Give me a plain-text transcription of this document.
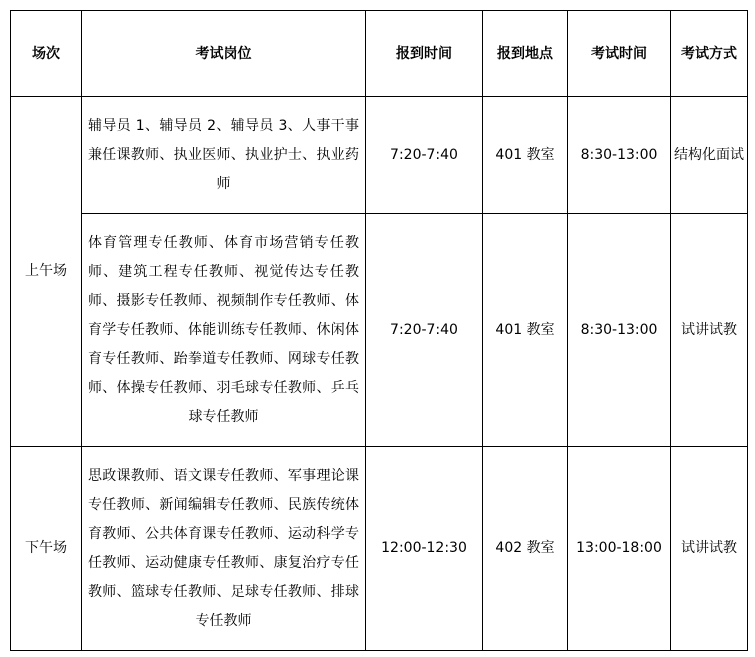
场次	考试岗位	报到时间	报到地点	考试时间	考试方式
上午场	辅导员 1、辅导员 2、辅导员 3、人事干事兼任课教师、执业医师、执业护士、执业药师	7:20-7:40	401 教室	8:30-13:00	结构化面试
	体育管理专任教师、体育市场营销专任教师、建筑工程专任教师、视觉传达专任教师、摄影专任教师、视频制作专任教师、体育学专任教师、体能训练专任教师、休闲体育专任教师、跆拳道专任教师、网球专任教师、体操专任教师、羽毛球专任教师、乒乓球专任教师	7:20-7:40	401 教室	8:30-13:00	试讲试教
下午场	思政课教师、语文课专任教师、军事理论课专任教师、新闻编辑专任教师、民族传统体育教师、公共体育课专任教师、运动科学专任教师、运动健康专任教师、康复治疗专任教师、篮球专任教师、足球专任教师、排球专任教师	12:00-12:30	402 教室	13:00-18:00	试讲试教
